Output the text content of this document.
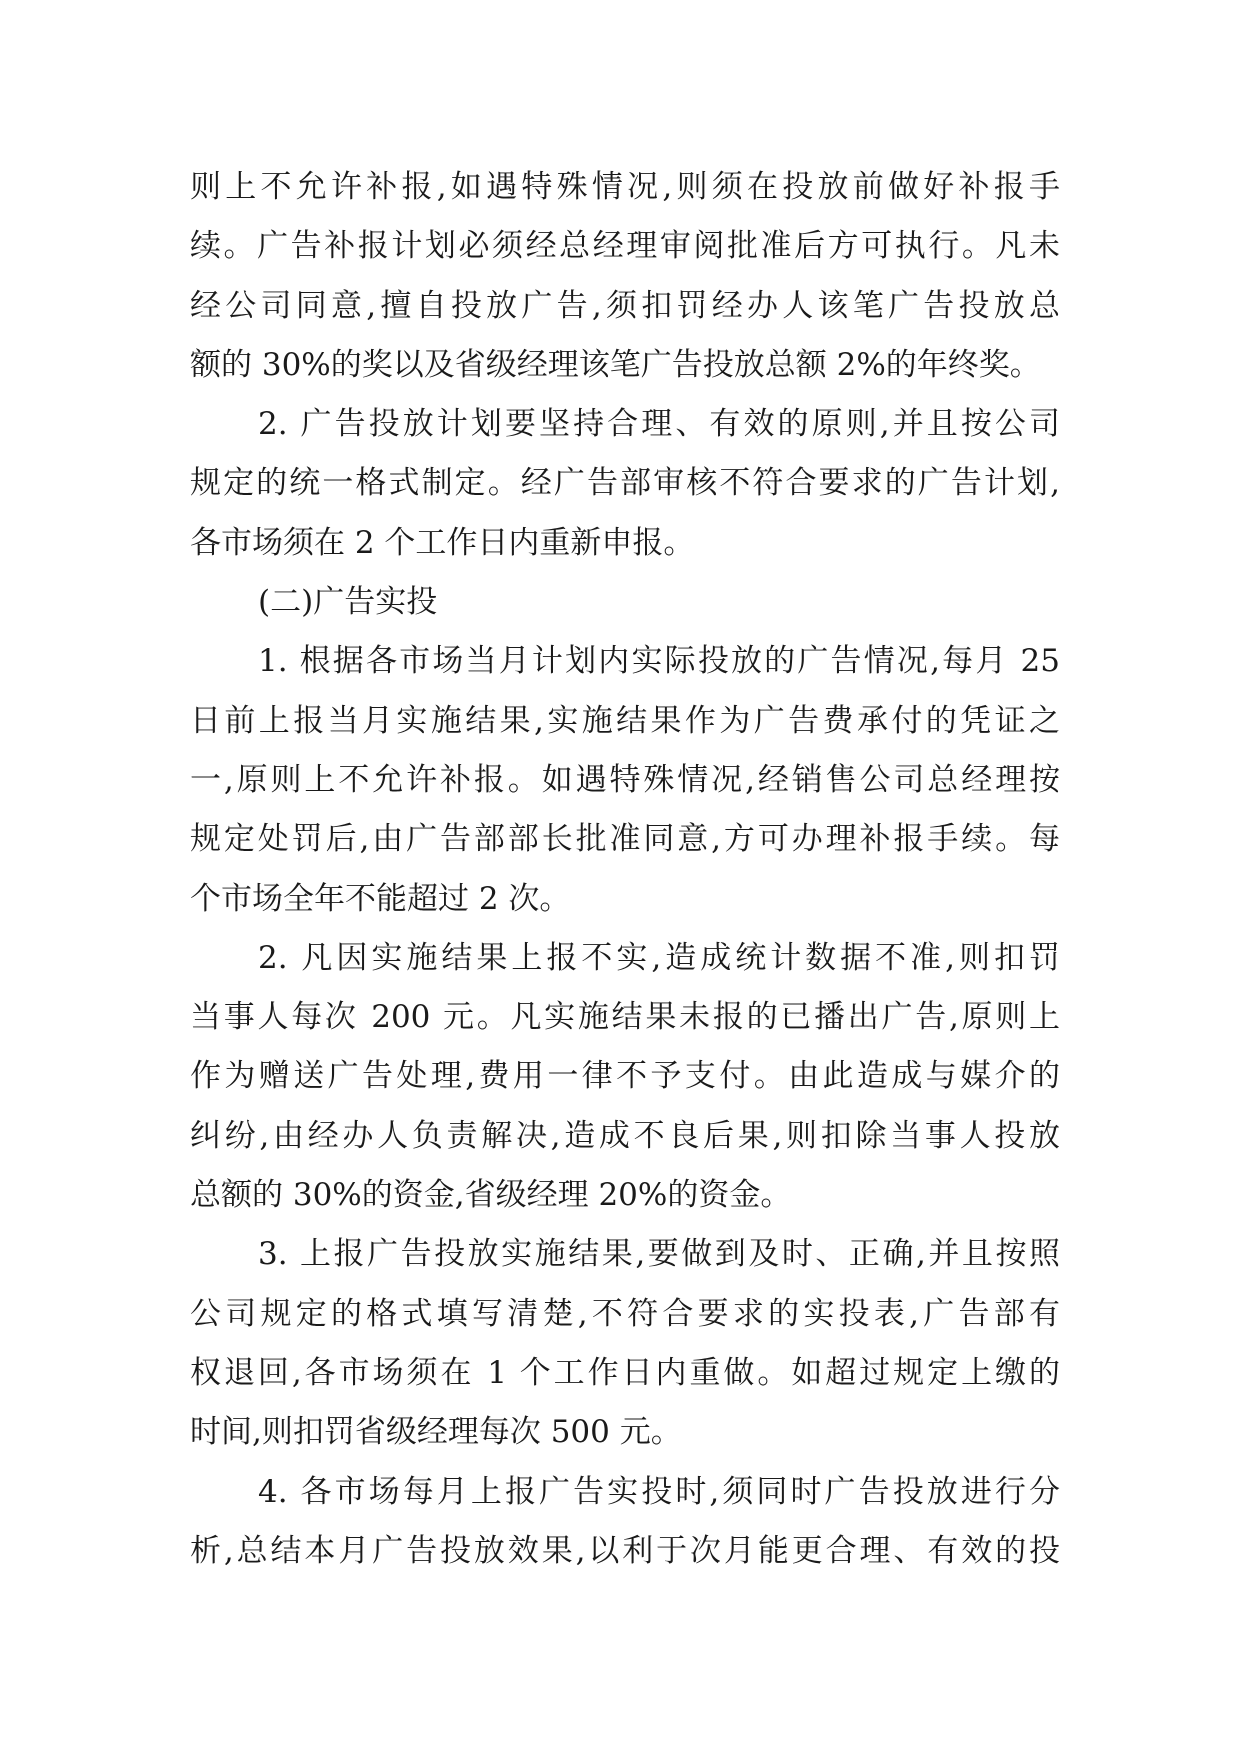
则上不允许补报,如遇特殊情况,则须在投放前做好补报手
续。广告补报计划必须经总经理审阅批准后方可执行。凡未
经公司同意,擅自投放广告,须扣罚经办人该笔广告投放总
额的 30%的奖以及省级经理该笔广告投放总额 2%的年终奖。
2. 广告投放计划要坚持合理、有效的原则,并且按公司
规定的统一格式制定。经广告部审核不符合要求的广告计划,
各市场须在 2 个工作日内重新申报。
(二)广告实投
1. 根据各市场当月计划内实际投放的广告情况,每月 25
日前上报当月实施结果,实施结果作为广告费承付的凭证之
一,原则上不允许补报。如遇特殊情况,经销售公司总经理按
规定处罚后,由广告部部长批准同意,方可办理补报手续。每
个市场全年不能超过 2 次。
2. 凡因实施结果上报不实,造成统计数据不准,则扣罚
当事人每次 200 元。凡实施结果未报的已播出广告,原则上
作为赠送广告处理,费用一律不予支付。由此造成与媒介的
纠纷,由经办人负责解决,造成不良后果,则扣除当事人投放
总额的 30%的资金,省级经理 20%的资金。
3. 上报广告投放实施结果,要做到及时、正确,并且按照
公司规定的格式填写清楚,不符合要求的实投表,广告部有
权退回,各市场须在 1 个工作日内重做。如超过规定上缴的
时间,则扣罚省级经理每次 500 元。
4. 各市场每月上报广告实投时,须同时广告投放进行分
析,总结本月广告投放效果,以利于次月能更合理、有效的投
